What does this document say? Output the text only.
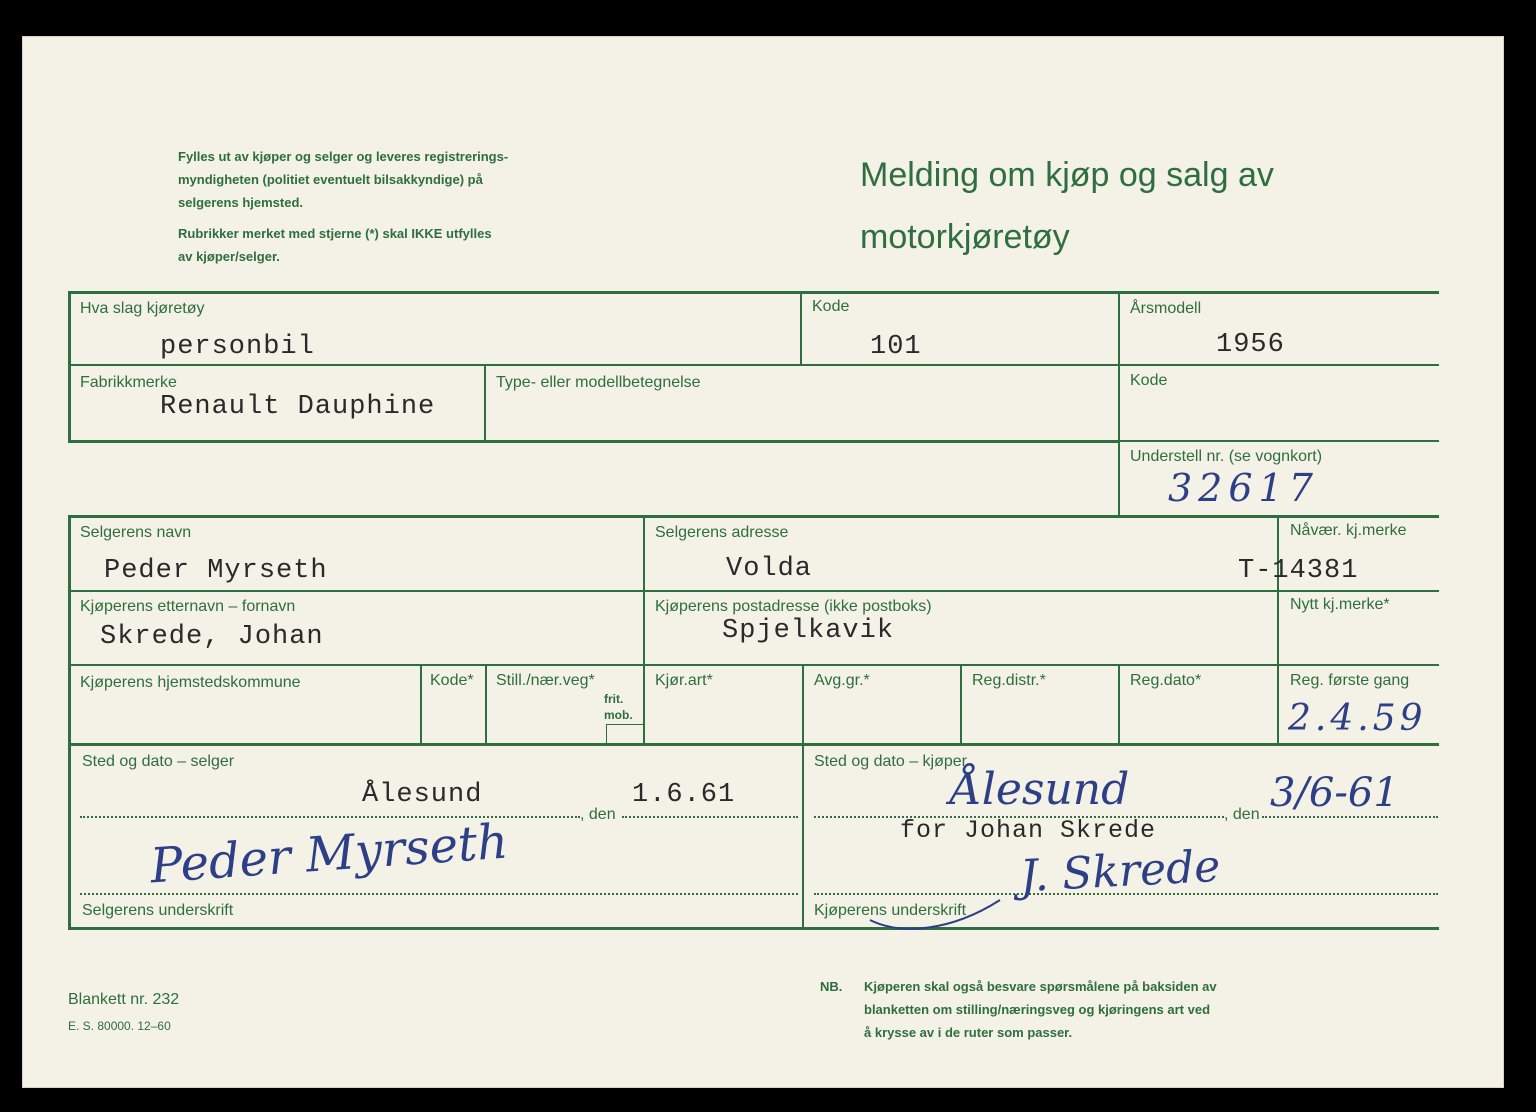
Fylles ut av kjøper og selger og leveres registrerings-
myndigheten (politiet eventuelt bilsakkyndige) på
selgerens hjemsted.
Rubrikker merket med stjerne (*) skal IKKE utfylles
av kjøper/selger.
Melding om kjøp og salg av
motorkjøretøy
Hva slag kjøretøy
personbil
Kode
101
Årsmodell
1956
Fabrikkmerke
Renault Dauphine
Type- eller modellbetegnelse	Kode
Understell nr. (se vognkort)
32617
Selgerens navn
Peder Myrseth
Selgerens adresse
Volda
Nåvær. kj.merke
T-14381
Kjøperens etternavn – fornavn
Skrede, Johan
Kjøperens postadresse (ikke postboks)
Spjelkavik
Nytt kj.merke*
Kjøperens hjemstedskommune	Kode* Still./nær.veg*
frit.
mob.
Kjør.art*	Avg.gr.*	Reg.distr.*	Reg.dato*	Reg. første gang
2.4.59
Sted og dato – selger
Ålesund
, den
1.6.61
Selgerens underskrift
Peder Myrseth
Sted og dato – kjøper
Ålesund	, den 3/6-61
for Johan Skrede
Kjøperens underskrift
J. Skrede
Blankett nr. 232
E. S. 80000. 12–60
NB. Kjøperen skal også besvare spørsmålene på baksiden av
blanketten om stilling/næringsveg og kjøringens art ved
å krysse av i de ruter som passer.
